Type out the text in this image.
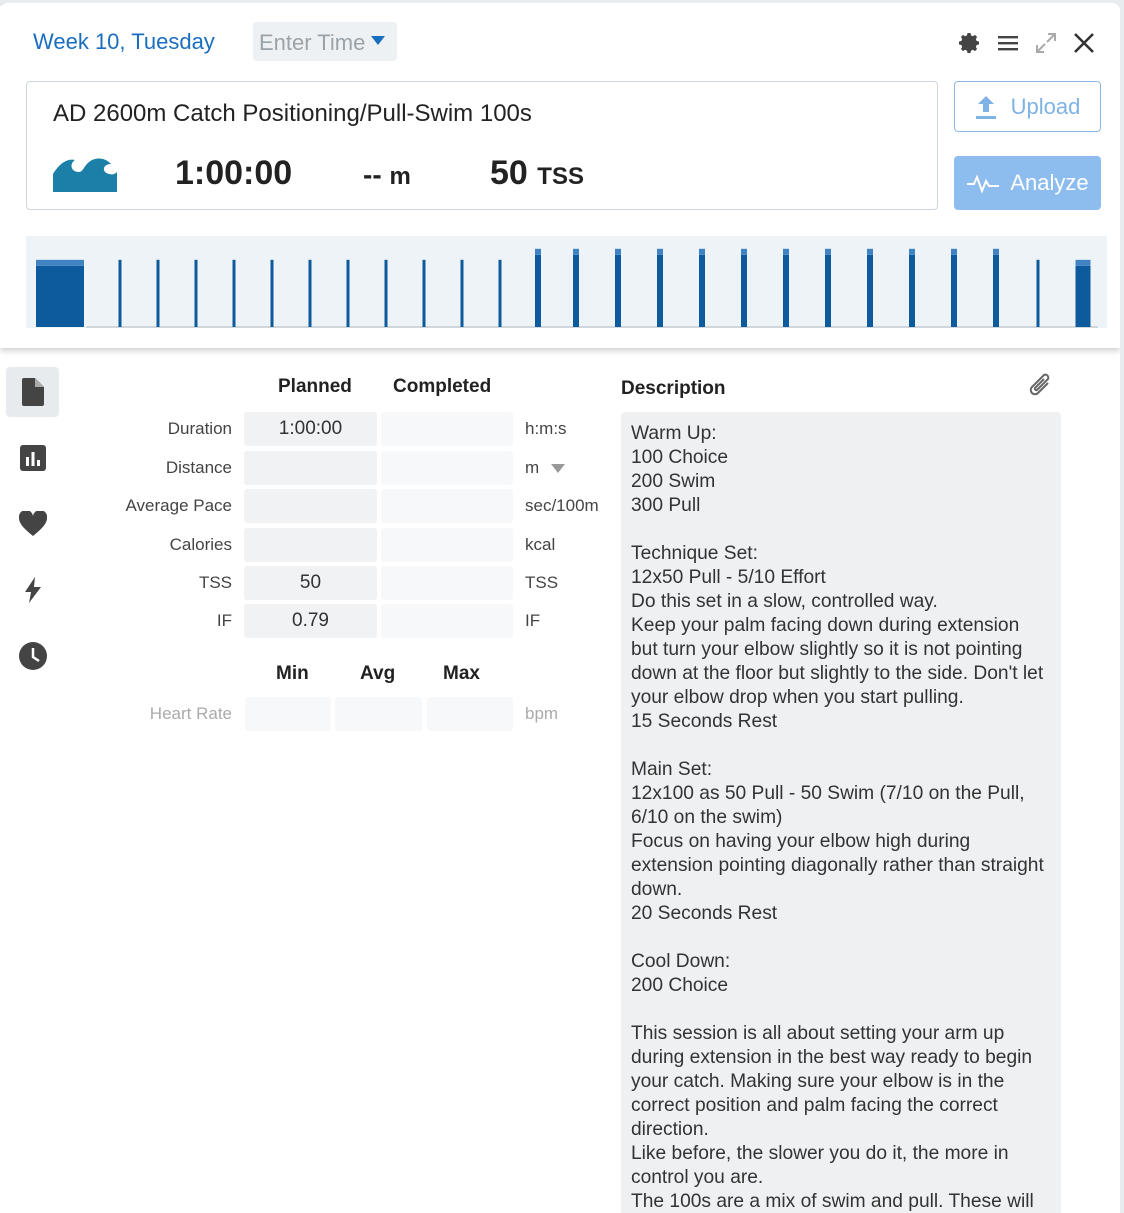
Week 10, Tuesday Enter Time
AD 2600m Catch Positioning/Pull-Swim 100s
1:00:00	-- m 50 TSS
Upload
Analyze
Planned Completed
Duration	1:00:00	h:m:s
Distance	m
Average Pace	sec/100m
Calories	kcal
TSS	50	TSS
IF	0.79	IF
Min	Avg	Max
Heart Rate	bpm
Description
Warm Up:
100 Choice
200 Swim
300 Pull

Technique Set:
12x50 Pull - 5/10 Effort
Do this set in a slow, controlled way.
Keep your palm facing down during extension but turn your elbow slightly so it is not pointing down at the floor but slightly to the side. Don't let your elbow drop when you start pulling.
15 Seconds Rest

Main Set:
12x100 as 50 Pull - 50 Swim (7/10 on the Pull, 6/10 on the swim)
Focus on having your elbow high during extension pointing diagonally rather than straight down.
20 Seconds Rest

Cool Down:
200 Choice

This session is all about setting your arm up during extension in the best way ready to begin your catch. Making sure your elbow is in the correct position and palm facing the correct direction.
Like before, the slower you do it, the more in control you are.
The 100s are a mix of swim and pull. These will
